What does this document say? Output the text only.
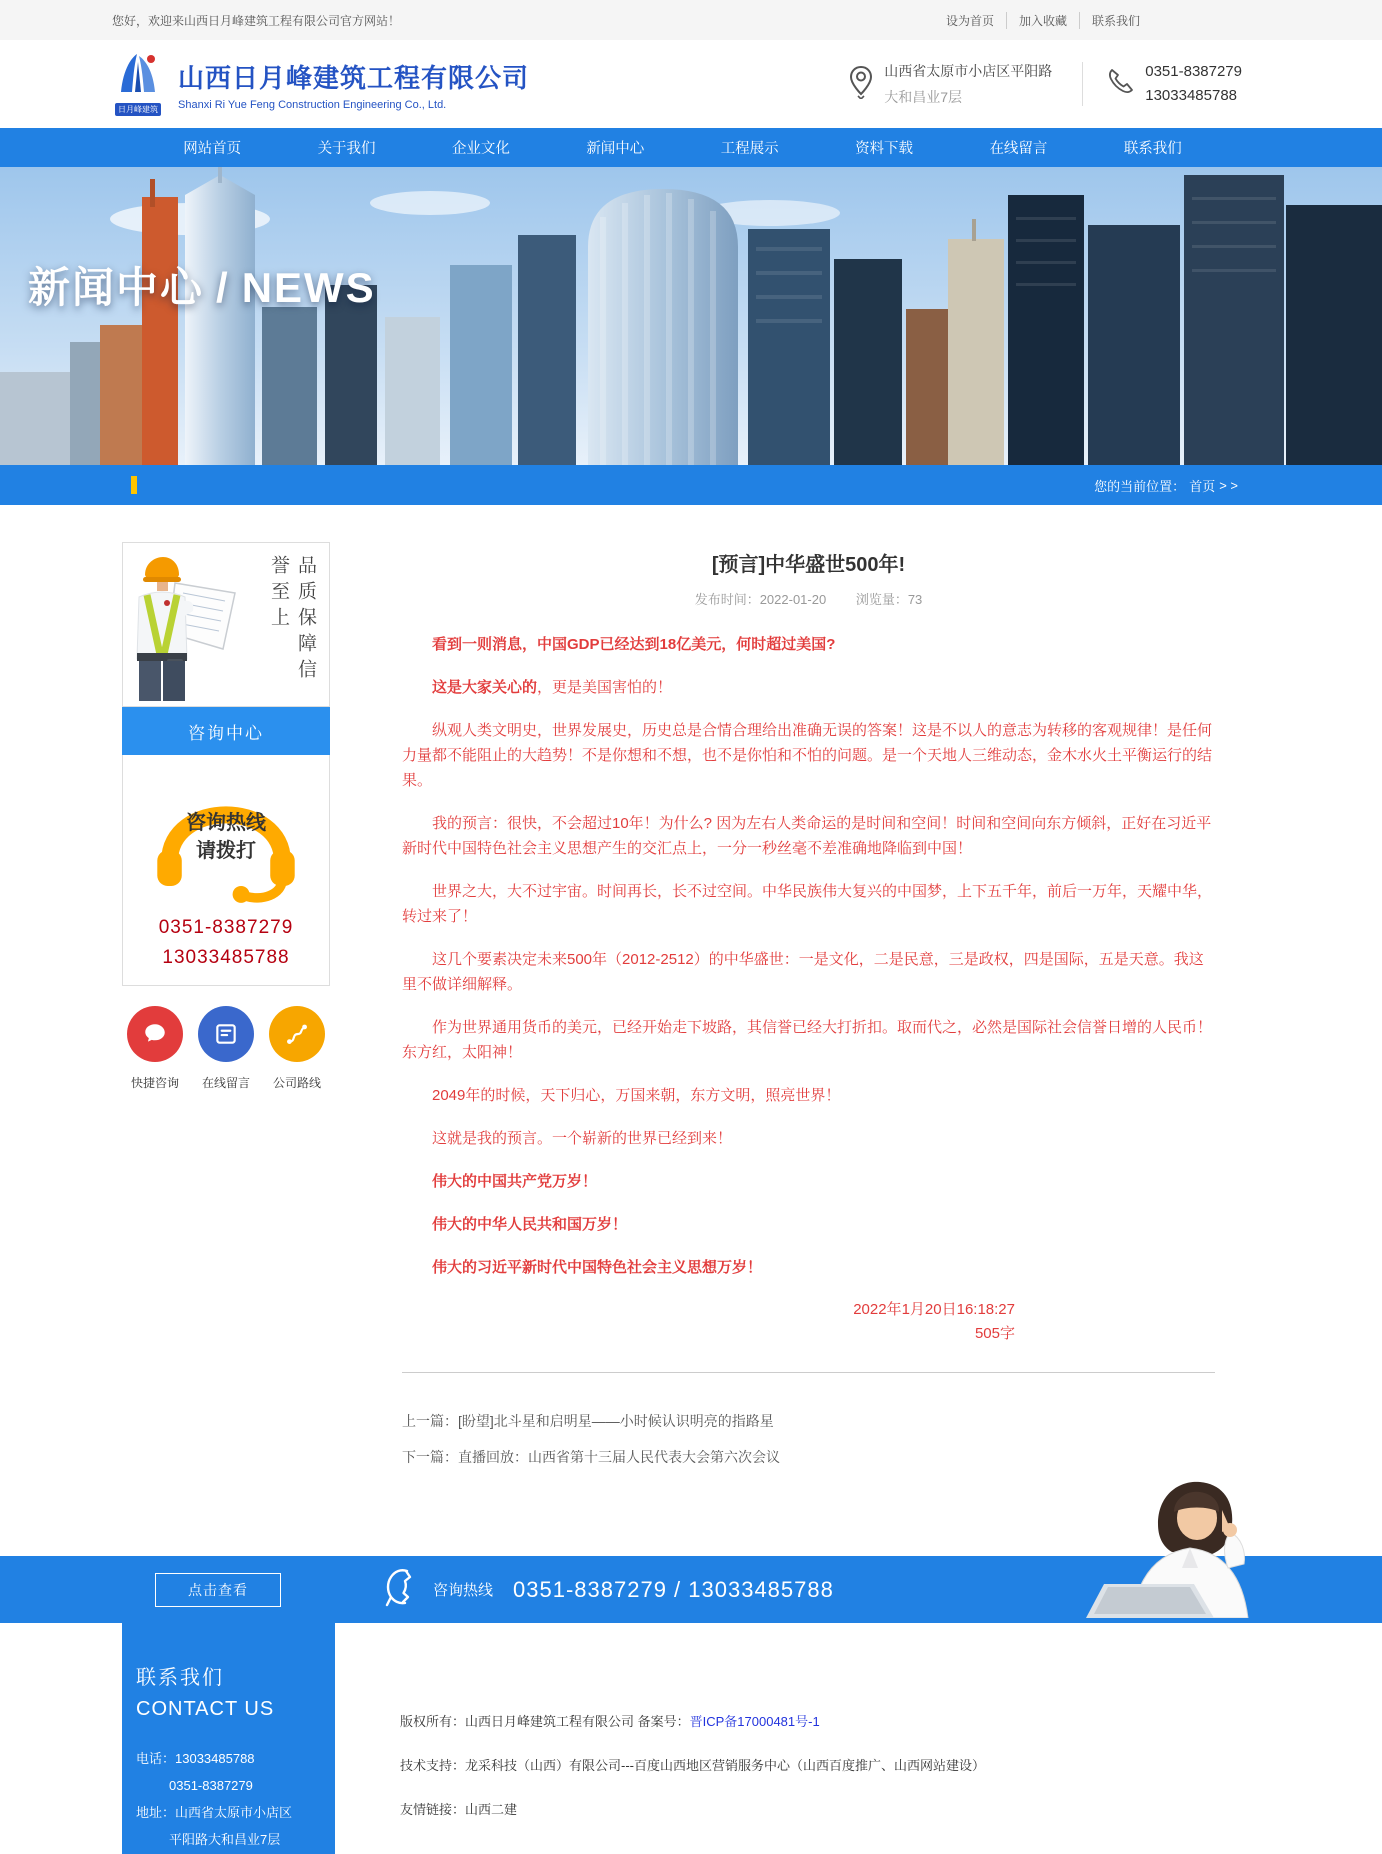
您好，欢迎来山西日月峰建筑工程有限公司官方网站！	设为首页	加入收藏	联系我们
日月峰建筑
山西日月峰建筑工程有限公司
Shanxi Ri Yue Feng Construction Engineering Co., Ltd.
山西省太原市小店区平阳路
大和昌业7层
0351-8387279
13033485788
网站首页	关于我们	企业文化	新闻中心	工程展示	资料下载	在线留言	联系我们
新闻中心 / NEWS
您的当前位置： 首页 > >
品质保障信誉至上
咨询中心
咨询热线
请拨打
0351-8387279
13033485788
快捷咨询	在线留言	公司路线
[预言]中华盛世500年!
发布时间：2022-01-20 浏览量：73

看到一则消息，中国GDP已经达到18亿美元，何时超过美国?

这是大家关心的，更是美国害怕的！

纵观人类文明史，世界发展史，历史总是合情合理给出准确无误的答案！这是不以人的意志为转移的客观规律！是任何力量都不能阻止的大趋势！不是你想和不想，也不是你怕和不怕的问题。是一个天地人三维动态，金木水火土平衡运行的结果。

我的预言：很快，不会超过10年！为什么? 因为左右人类命运的是时间和空间！时间和空间向东方倾斜，正好在习近平新时代中国特色社会主义思想产生的交汇点上，一分一秒丝毫不差准确地降临到中国！

世界之大，大不过宇宙。时间再长，长不过空间。中华民族伟大复兴的中国梦，上下五千年，前后一万年，天耀中华，转过来了！

这几个要素决定未来500年（2012-2512）的中华盛世：一是文化，二是民意，三是政权，四是国际，五是天意。我这里不做详细解释。

作为世界通用货币的美元，已经开始走下坡路，其信誉已经大打折扣。取而代之，必然是国际社会信誉日增的人民币！东方红，太阳神！

2049年的时候，天下归心，万国来朝，东方文明，照亮世界！

这就是我的预言。一个崭新的世界已经到来！

伟大的中国共产党万岁！

伟大的中华人民共和国万岁！

伟大的习近平新时代中国特色社会主义思想万岁！

2022年1月20日16:18:27
505字
上一篇：[盼望]北斗星和启明星——小时候认识明亮的指路星
下一篇：直播回放：山西省第十三届人民代表大会第六次会议
点击查看	咨询热线 0351-8387279 / 13033485788
联系我们
CONTACT US
电话：13033485788
0351-8387279
地址：山西省太原市小店区
平阳路大和昌业7层
版权所有：山西日月峰建筑工程有限公司 备案号：晋ICP备17000481号-1
技术支持：龙采科技（山西）有限公司---百度山西地区营销服务中心（山西百度推广、山西网站建设）
友情链接：山西二建
